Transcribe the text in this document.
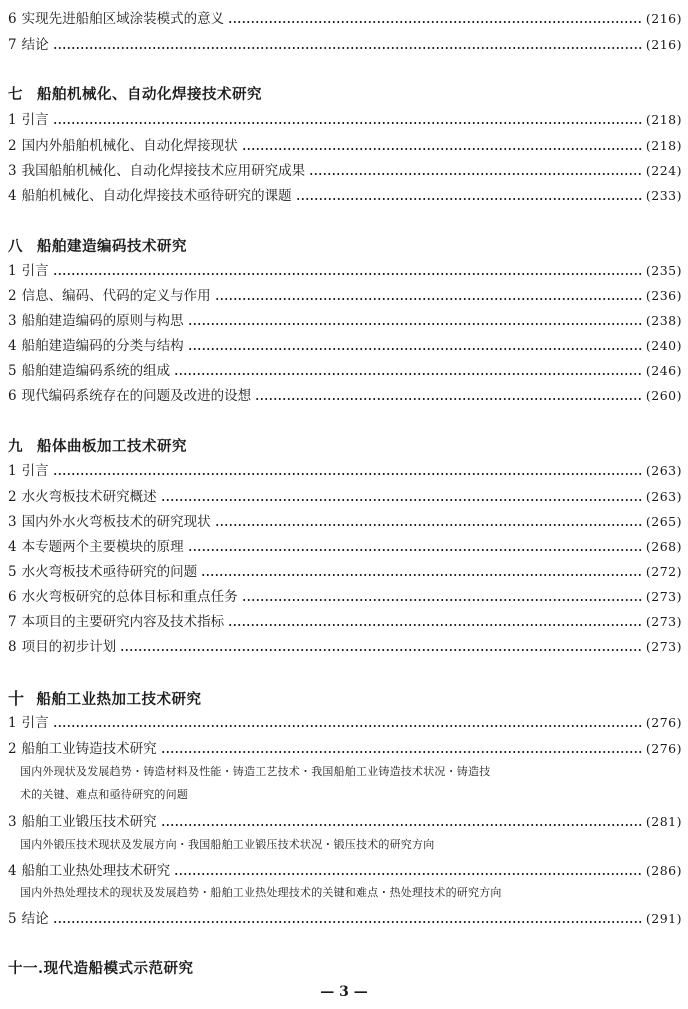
6 实现先进船舶区域涂装模式的意义	(216)
7 结论	(216)
七 船舶机械化、自动化焊接技术研究
1 引言	(218)
2 国内外船舶机械化、自动化焊接现状	(218)
3 我国船舶机械化、自动化焊接技术应用研究成果	(224)
4 船舶机械化、自动化焊接技术亟待研究的课题	(233)
八 船舶建造编码技术研究
1 引言	(235)
2 信息、编码、代码的定义与作用	(236)
3 船舶建造编码的原则与构思	(238)
4 船舶建造编码的分类与结构	(240)
5 船舶建造编码系统的组成	(246)
6 现代编码系统存在的问题及改进的设想	(260)
九 船体曲板加工技术研究
1 引言	(263)
2 水火弯板技术研究概述	(263)
3 国内外水火弯板技术的研究现状	(265)
4 本专题两个主要模块的原理	(268)
5 水火弯板技术亟待研究的问题	(272)
6 水火弯板研究的总体目标和重点任务	(273)
7 本项目的主要研究内容及技术指标	(273)
8 项目的初步计划	(273)
十 船舶工业热加工技术研究
1 引言	(276)
2 船舶工业铸造技术研究	(276)
国内外现状及发展趋势・铸造材料及性能・铸造工艺技术・我国船舶工业铸造技术状况・铸造技
术的关键、难点和亟待研究的问题
3 船舶工业锻压技术研究	(281)
国内外锻压技术现状及发展方向・我国船舶工业锻压技术状况・锻压技术的研究方向
4 船舶工业热处理技术研究	(286)
国内外热处理技术的现状及发展趋势・船舶工业热处理技术的关键和难点・热处理技术的研究方向
5 结论	(291)
十一.现代造船模式示范研究
— 3 —
